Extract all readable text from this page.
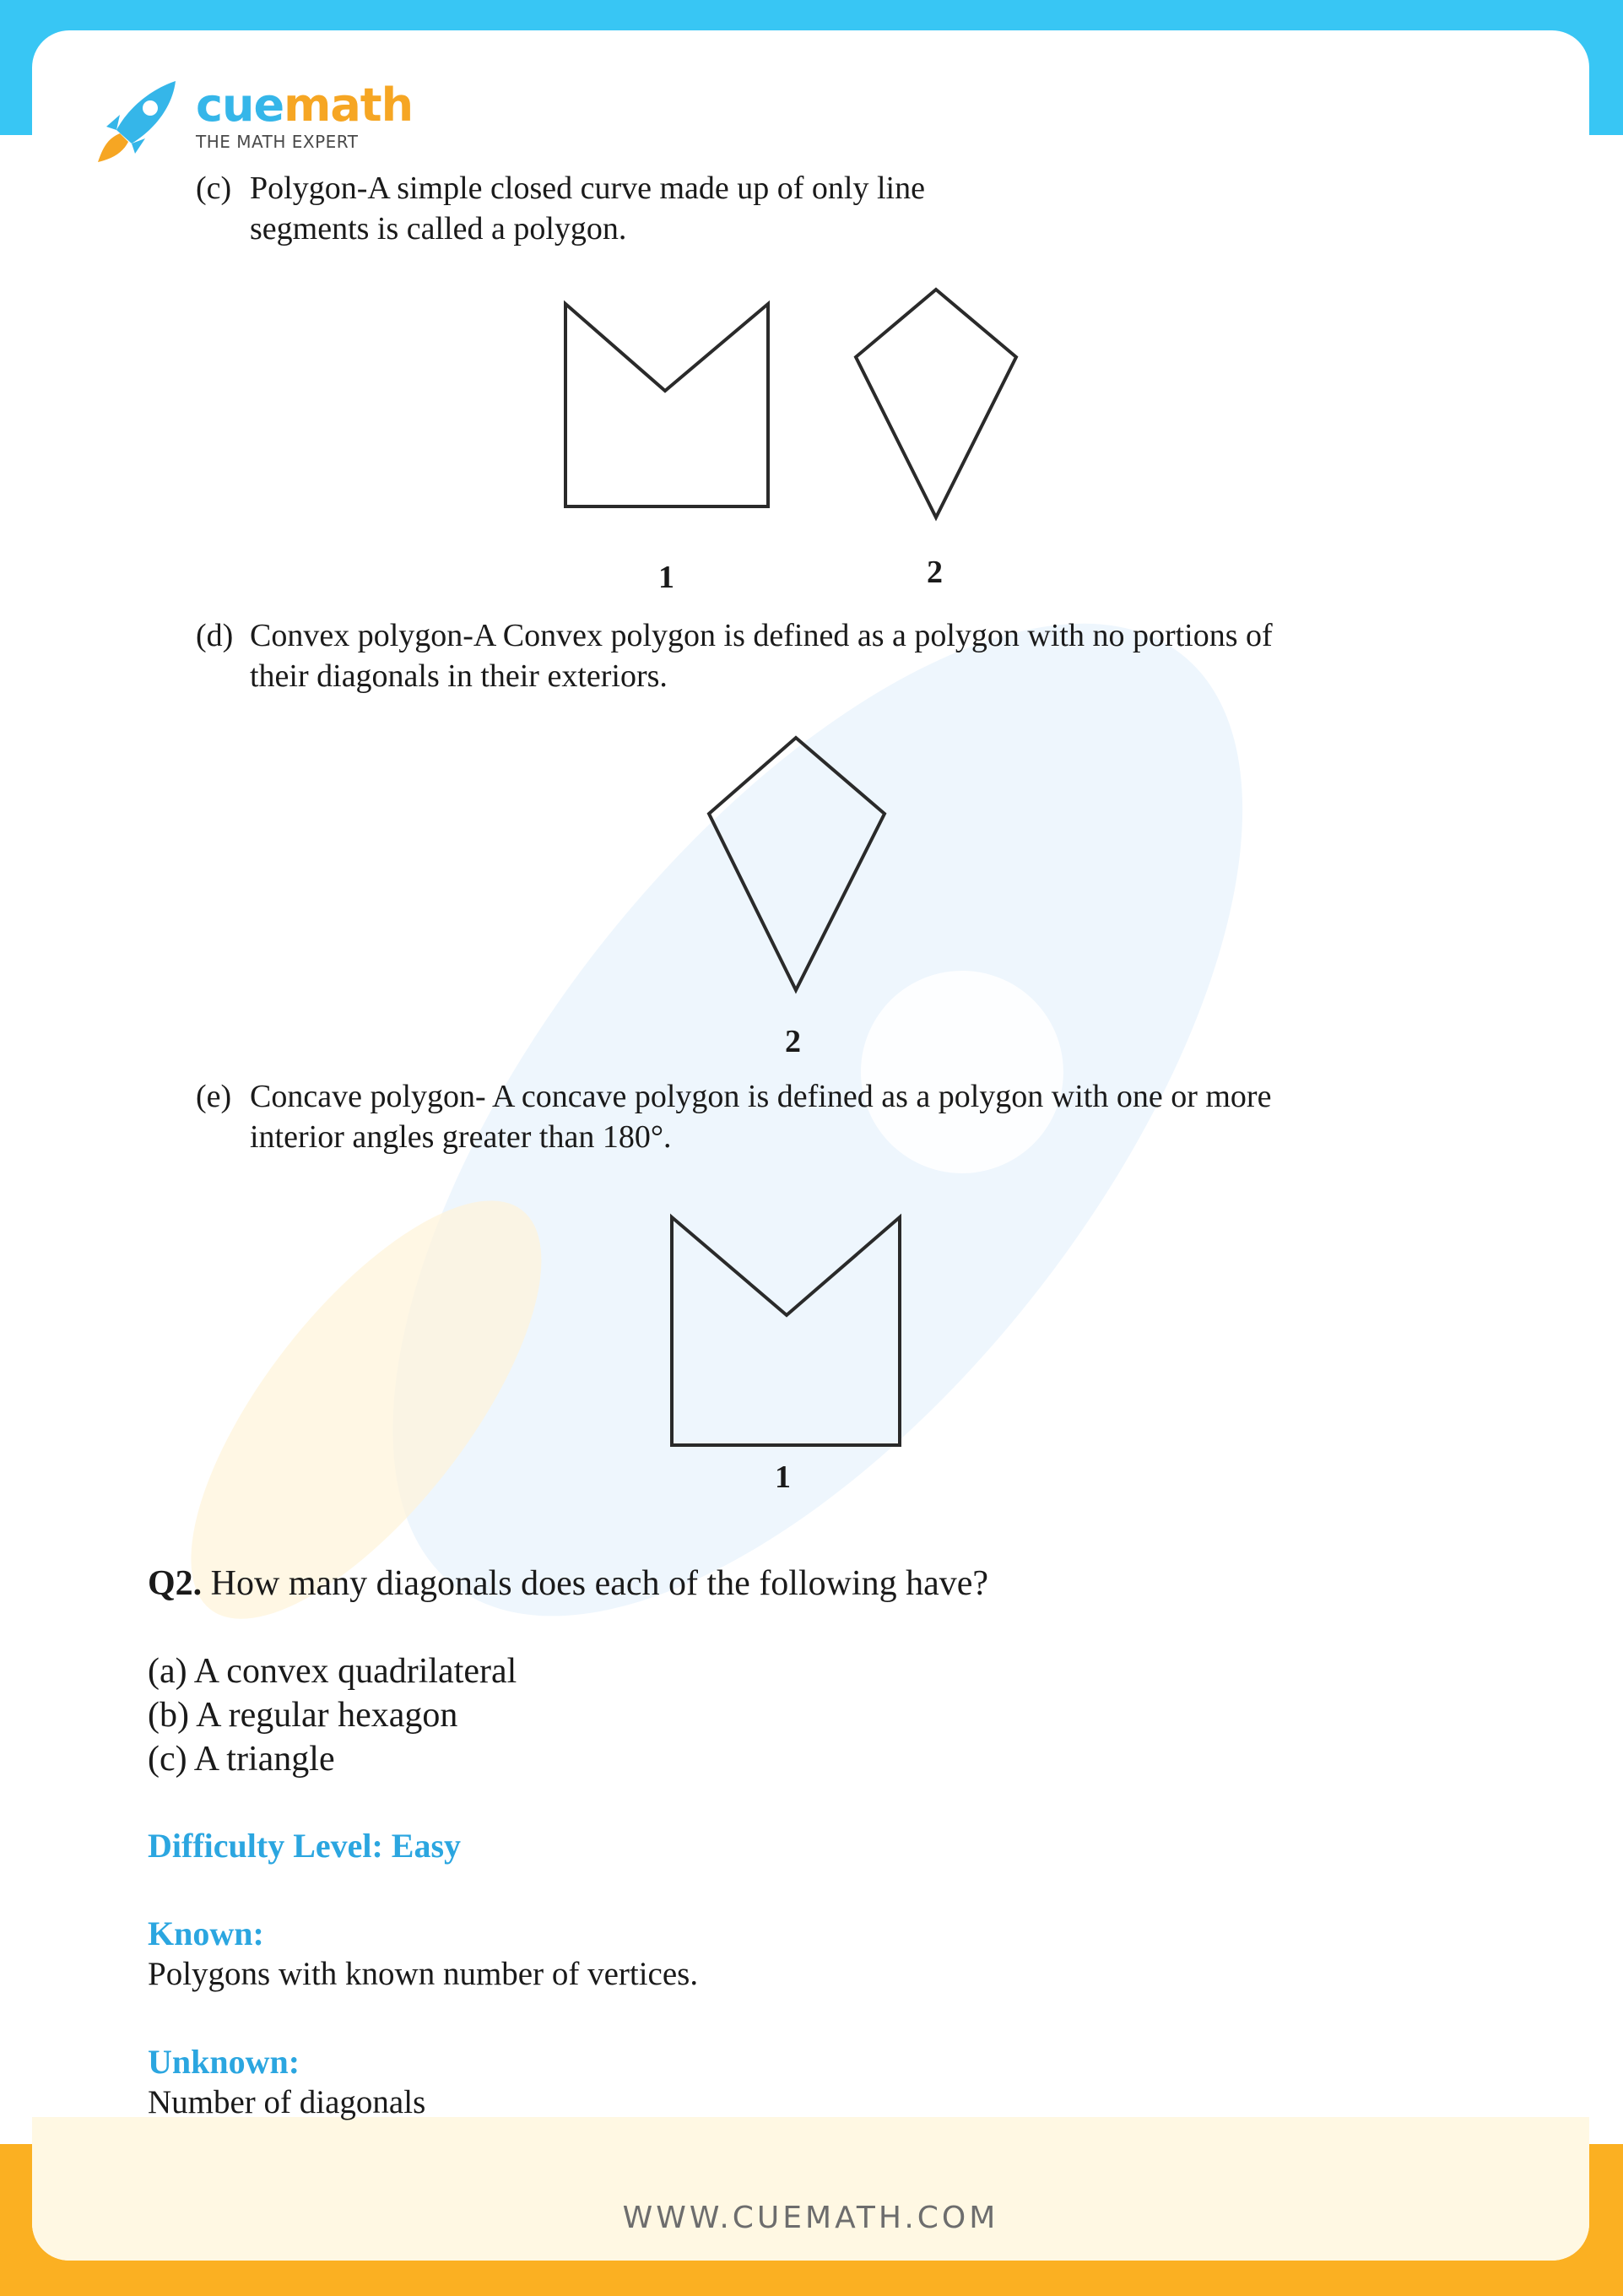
WWW.CUEMATH.COM
cuemath
THE MATH EXPERT
(c) Polygon-A simple closed curve made up of only line
segments is called a polygon.
1	2
(d) Convex polygon-A Convex polygon is defined as a polygon with no portions of
their diagonals in their exteriors.
2
(e) Concave polygon- A concave polygon is defined as a polygon with one or more
interior angles greater than 180°.
1
Q2. How many diagonals does each of the following have?
(a) A convex quadrilateral
(b) A regular hexagon
(c) A triangle
Difficulty Level: Easy
Known:
Polygons with known number of vertices.
Unknown:
Number of diagonals
